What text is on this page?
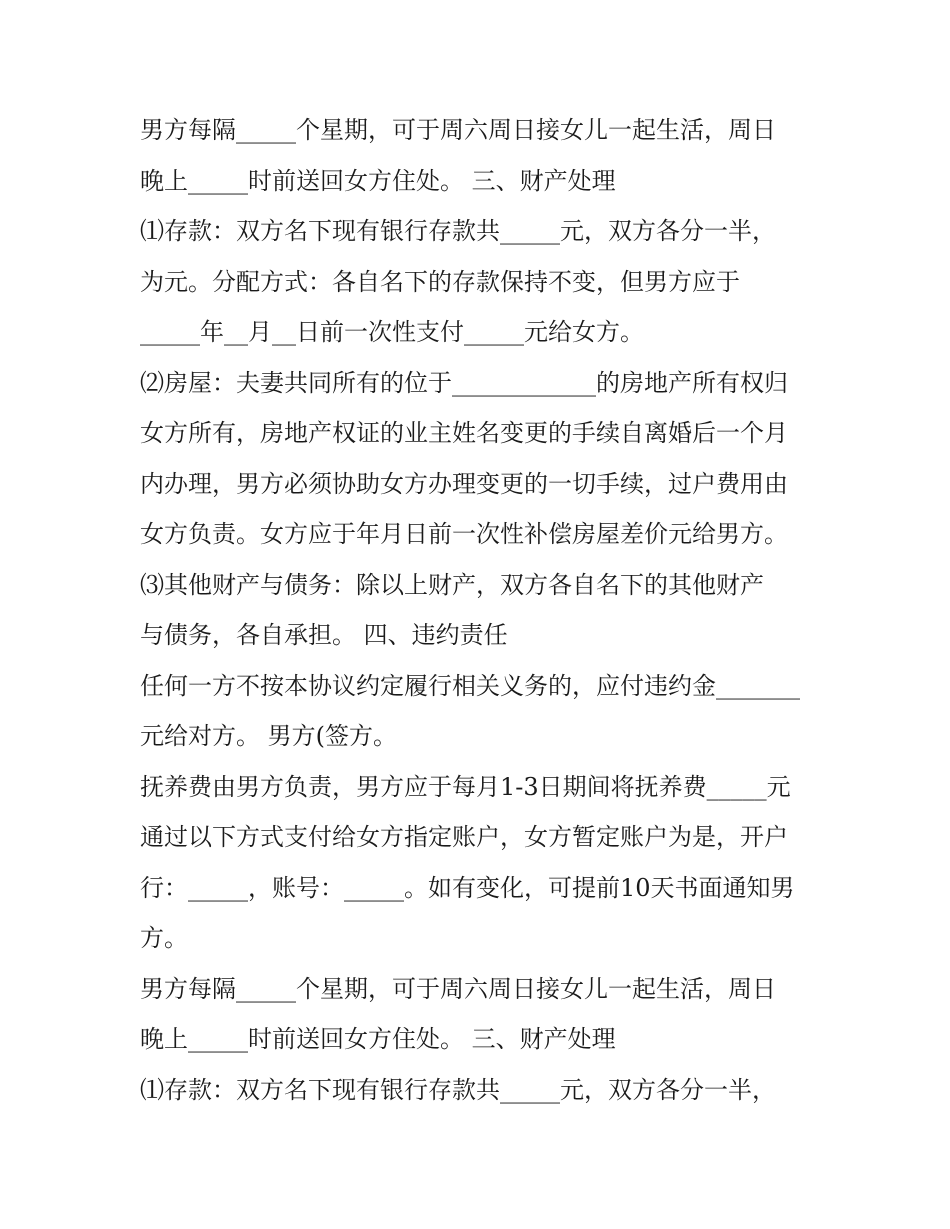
男方每隔_____个星期，可于周六周日接女儿一起生活，周日
晚上_____时前送回女方住处。 三、财产处理
⑴存款：双方名下现有银行存款共_____元，双方各分一半，
为元。分配方式：各自名下的存款保持不变，但男方应于
_____年__月__日前一次性支付_____元给女方。
⑵房屋：夫妻共同所有的位于____________的房地产所有权归
女方所有，房地产权证的业主姓名变更的手续自离婚后一个月
内办理，男方必须协助女方办理变更的一切手续，过户费用由
女方负责。女方应于年月日前一次性补偿房屋差价元给男方。
⑶其他财产与债务：除以上财产，双方各自名下的其他财产
与债务，各自承担。 四、违约责任
任何一方不按本协议约定履行相关义务的，应付违约金_______
元给对方。 男方(签方。
抚养费由男方负责，男方应于每月1-3日期间将抚养费_____元
通过以下方式支付给女方指定账户，女方暂定账户为是，开户
行：_____，账号：_____。如有变化，可提前10天书面通知男
方。
男方每隔_____个星期，可于周六周日接女儿一起生活，周日
晚上_____时前送回女方住处。 三、财产处理
⑴存款：双方名下现有银行存款共_____元，双方各分一半，
